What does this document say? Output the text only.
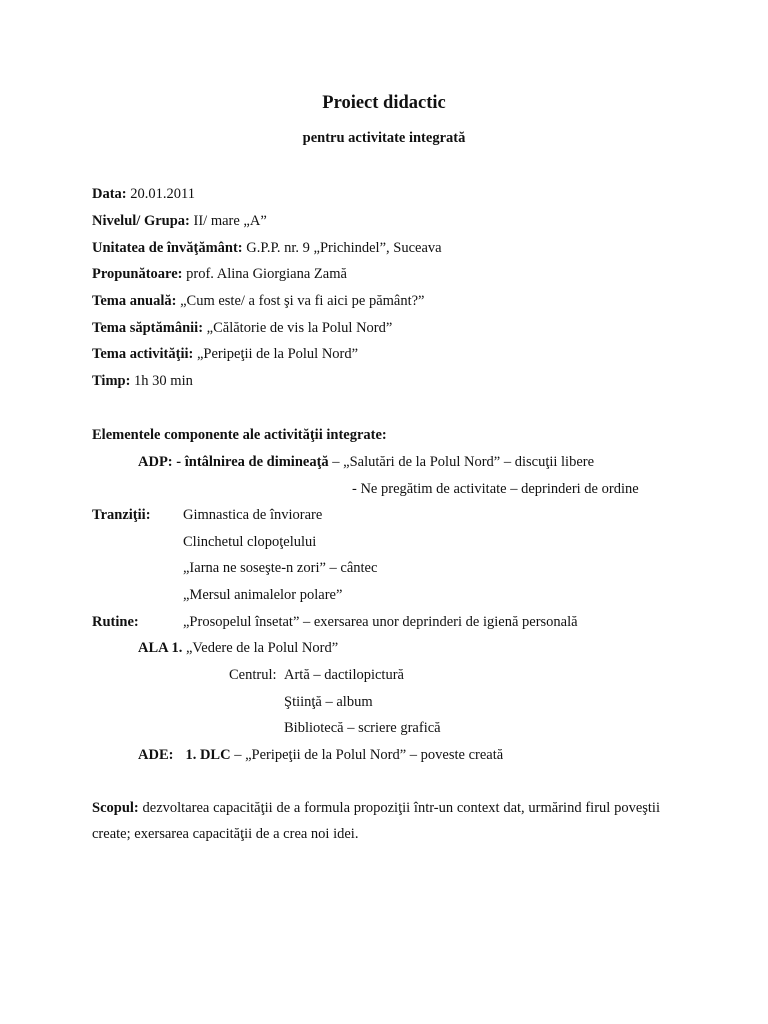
Proiect didactic
pentru activitate integrată
Data: 20.01.2011
Nivelul/ Grupa: II/ mare „A”
Unitatea de învăţământ: G.P.P. nr. 9 „Prichindel”, Suceava
Propunătoare: prof. Alina Giorgiana Zamă
Tema anuală: „Cum este/ a fost şi va fi aici pe pământ?”
Tema săptămânii: „Călătorie de vis la Polul Nord”
Tema activităţii: „Peripeţii de la Polul Nord”
Timp: 1h 30 min
Elementele componente ale activităţii integrate:
ADP: - întâlnirea de dimineaţă – „Salutări de la Polul Nord” – discuţii libere
- Ne pregătim de activitate – deprinderi de ordine
Tranziţii: Gimnastica de înviorare
Clinchetul clopoţelului
„Iarna ne soseşte-n zori” – cântec
„Mersul animalelor polare”
Rutine:	„Prosopelul însetat” – exersarea unor deprinderi de igienă personală
ALA 1. „Vedere de la Polul Nord”
Centrul: Artă – dactilopictură
Ştiinţă – album
Bibliotecă – scriere grafică
ADE: 1. DLC – „Peripeţii de la Polul Nord” – poveste creată
Scopul: dezvoltarea capacităţii de a formula propoziţii într-un context dat, urmărind firul poveştii create; exersarea capacităţii de a crea noi idei.
